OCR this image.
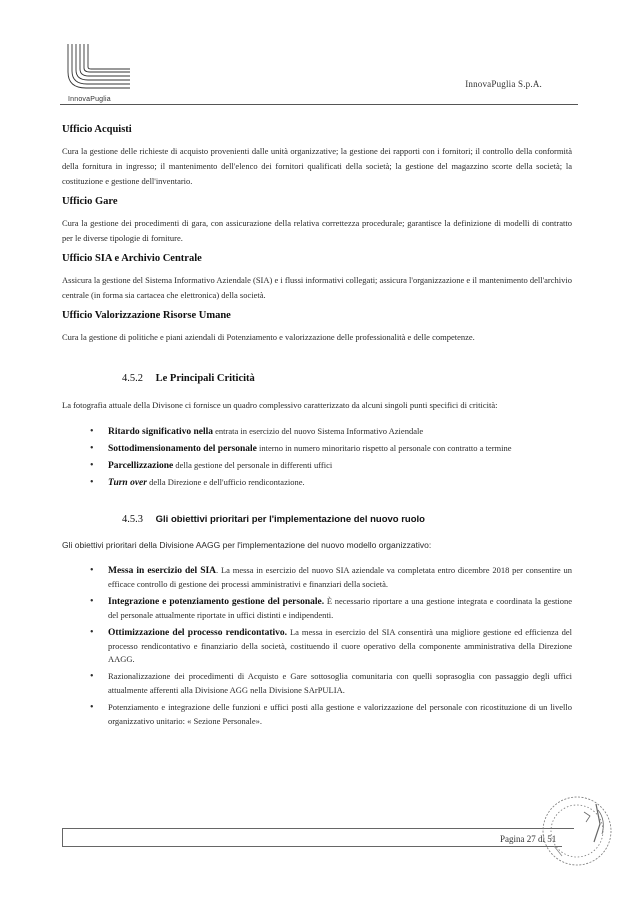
InnovaPuglia
InnovaPuglia S.p.A.
Ufficio Acquisti

Cura la gestione delle richieste di acquisto provenienti dalle unità organizzative; la gestione dei rapporti con i fornitori; il controllo della conformità della fornitura in ingresso; il mantenimento dell'elenco dei fornitori qualificati della società; la gestione del magazzino scorte della società; la costituzione e gestione dell'inventario.

Ufficio Gare

Cura la gestione dei procedimenti di gara, con assicurazione della relativa correttezza procedurale; garantisce la definizione di modelli di contratto per le diverse tipologie di forniture.

Ufficio SIA e Archivio Centrale

Assicura la gestione del Sistema Informativo Aziendale (SIA) e i flussi informativi collegati; assicura l'organizzazione e il mantenimento dell'archivio centrale (in forma sia cartacea che elettronica) della società.

Ufficio Valorizzazione Risorse Umane

Cura la gestione di politiche e piani aziendali di Potenziamento e valorizzazione delle professionalità e delle competenze.

4.5.2 Le Principali Criticità

La fotografia attuale della Divisone ci fornisce un quadro complessivo caratterizzato da alcuni singoli punti specifici di criticità:

• Ritardo significativo nella entrata in esercizio del nuovo Sistema Informativo Aziendale
• Sottodimensionamento del personale interno in numero minoritario rispetto al personale con contratto a termine
• Parcellizzazione della gestione del personale in differenti uffici
• Turn over della Direzione e dell'ufficio rendicontazione.
4.5.3 Gli obiettivi prioritari per l'implementazione del nuovo ruolo

Gli obiettivi prioritari della Divisione AAGG per l'implementazione del nuovo modello organizzativo:

• Messa in esercizio del SIA. La messa in esercizio del nuovo SIA aziendale va completata entro dicembre 2018 per consentire un efficace controllo di gestione dei processi amministrativi e finanziari della società.
• Integrazione e potenziamento gestione del personale. È necessario riportare a una gestione integrata e coordinata la gestione del personale attualmente riportate in uffici distinti e indipendenti.
• Ottimizzazione del processo rendicontativo. La messa in esercizio del SIA consentirà una migliore gestione ed efficienza del processo rendicontativo e finanziario della società, costituendo il cuore operativo della componente amministrativa della Direzione AAGG.
• Razionalizzazione dei procedimenti di Acquisto e Gare sottosoglia comunitaria con quelli soprasoglia con passaggio degli uffici attualmente afferenti alla Divisione AGG nella Divisione SArPULIA.
• Potenziamento e integrazione delle funzioni e uffici posti alla gestione e valorizzazione del personale con ricostituzione di un livello organizzativo unitario: « Sezione Personale».
Pagina 27 di 51
